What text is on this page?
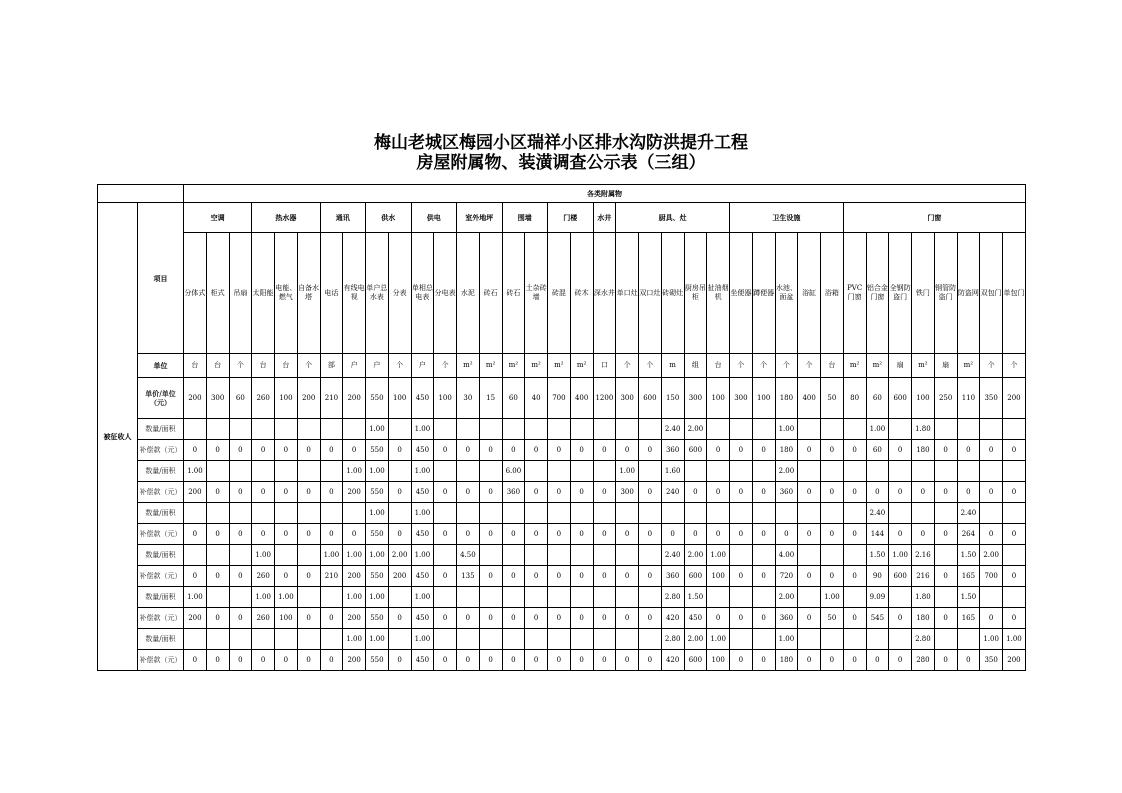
梅山老城区梅园小区瑞祥小区排水沟防洪提升工程
房屋附属物、装潢调查公示表（三组）
		各类附属物																																				
被征收人	项目	空调			热水器			通讯		供水		供电		室外地坪		围墙		门楼		水井	厨具、灶					卫生设施					门窗							
		分体式	柜式	吊扇	太阳能	电能、燃气	自备水塔	电话	有线电视	单户总水表	分表	单相总电表	分电表	水泥	砖石	砖石	土杂砖墙	砖混	砖木	深水井	单口灶	双口灶	砖砌灶	厨房吊柜	扯油烟机	坐便器	蹲便器	水池、面盆	浴缸	浴箱	PVC门窗	铝合金门窗	全钢防盗门	铁门	钢管防盗门	防盗网	双包门	单包门
	单位	台	台	个	台	台	个	部	户	户	个	户	个	m²	m²	m²	m²	m²	m²	口	个	个	m	组	台	个	个	个	个	台	m²	m²	扇	m²	扇	m²	个	个
	单价/单位（元）	200	300	60	260	100	200	210	200	550	100	450	100	30	15	60	40	700	400	1200	300	600	150	300	100	300	100	180	400	50	80	60	600	100	250	110	350	200
	数量/面积									1.00		1.00											2.40	2.00				1.00				1.00		1.80				
	补偿款（元）	0	0	0	0	0	0	0	0	550	0	450	0	0	0	0	0	0	0	0	0	0	360	600	0	0	0	180	0	0	0	60	0	180	0	0	0	0
	数量/面积	1.00							1.00	1.00		1.00				6.00					1.00		1.60					2.00										
	补偿款（元）	200	0	0	0	0	0	0	200	550	0	450	0	0	0	360	0	0	0	0	300	0	240	0	0	0	0	360	0	0	0	0	0	0	0	0	0	0
	数量/面积									1.00		1.00																				2.40				2.40		
	补偿款（元）	0	0	0	0	0	0	0	0	550	0	450	0	0	0	0	0	0	0	0	0	0	0	0	0	0	0	0	0	0	0	144	0	0	0	264	0	0
	数量/面积				1.00			1.00	1.00	1.00	2.00	1.00		4.50									2.40	2.00	1.00			4.00				1.50	1.00	2.16		1.50	2.00	
	补偿款（元）	0	0	0	260	0	0	210	200	550	200	450	0	135	0	0	0	0	0	0	0	0	360	600	100	0	0	720	0	0	0	90	600	216	0	165	700	0
	数量/面积	1.00			1.00	1.00			1.00	1.00		1.00											2.80	1.50				2.00		1.00		9.09		1.80		1.50		
	补偿款（元）	200	0	0	260	100	0	0	200	550	0	450	0	0	0	0	0	0	0	0	0	0	420	450	0	0	0	360	0	50	0	545	0	180	0	165	0	0
	数量/面积								1.00	1.00		1.00											2.80	2.00	1.00			1.00						2.80			1.00	1.00
	补偿款（元）	0	0	0	0	0	0	0	200	550	0	450	0	0	0	0	0	0	0	0	0	0	420	600	100	0	0	180	0	0	0	0	0	280	0	0	350	200
